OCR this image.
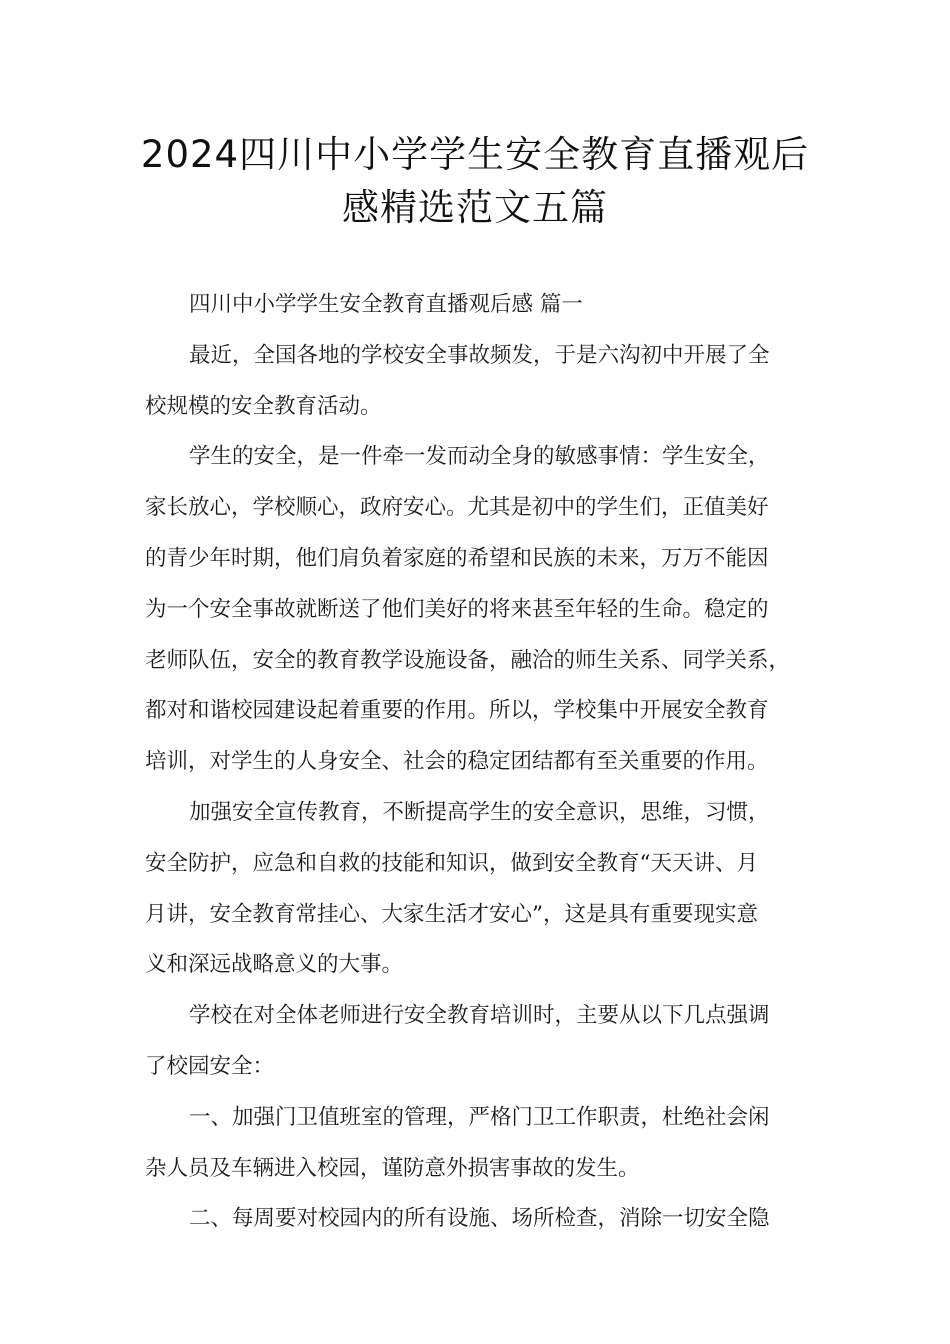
2024四川中小学学生安全教育直播观后
感精选范文五篇
四川中小学学生安全教育直播观后感 篇一
最近，全国各地的学校安全事故频发，于是六沟初中开展了全
校规模的安全教育活动。
学生的安全，是一件牵一发而动全身的敏感事情：学生安全，
家长放心，学校顺心，政府安心。尤其是初中的学生们，正值美好
的青少年时期，他们肩负着家庭的希望和民族的未来，万万不能因
为一个安全事故就断送了他们美好的将来甚至年轻的生命。稳定的
老师队伍，安全的教育教学设施设备，融洽的师生关系、同学关系，
都对和谐校园建设起着重要的作用。所以，学校集中开展安全教育
培训，对学生的人身安全、社会的稳定团结都有至关重要的作用。
加强安全宣传教育，不断提高学生的安全意识，思维，习惯，
安全防护，应急和自救的技能和知识，做到安全教育“天天讲、月
月讲，安全教育常挂心、大家生活才安心”，这是具有重要现实意
义和深远战略意义的大事。
学校在对全体老师进行安全教育培训时，主要从以下几点强调
了校园安全：
一、加强门卫值班室的管理，严格门卫工作职责，杜绝社会闲
杂人员及车辆进入校园，谨防意外损害事故的发生。
二、每周要对校园内的所有设施、场所检查，消除一切安全隐
